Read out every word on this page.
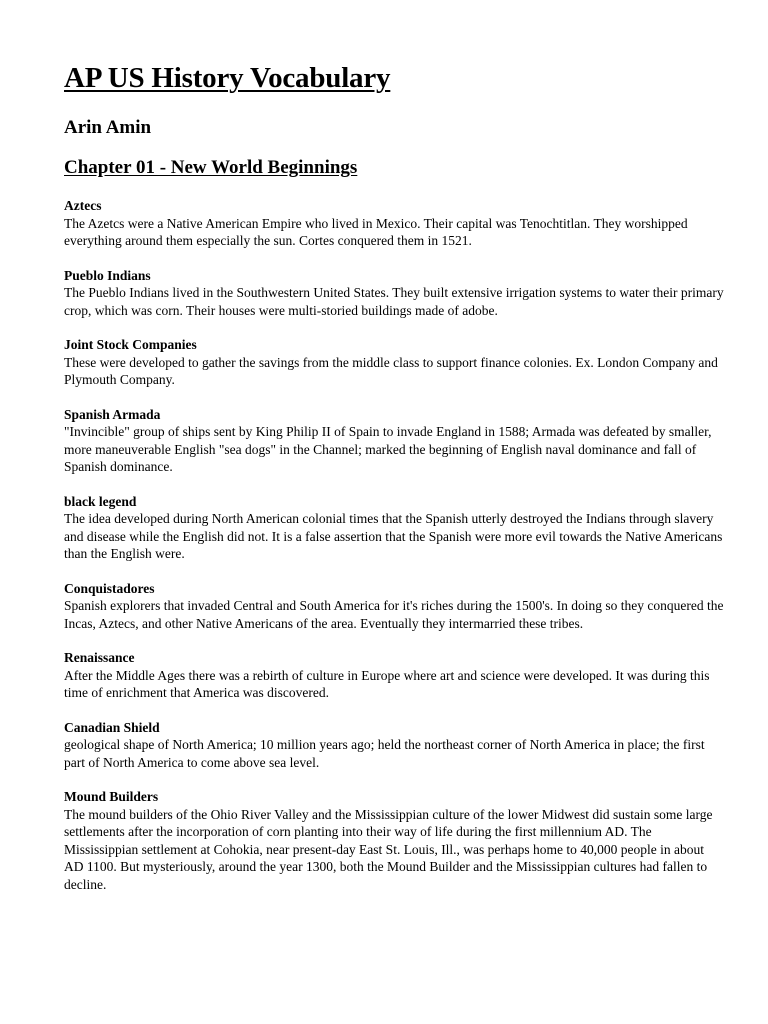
AP US History Vocabulary

Arin Amin

Chapter 01 - New World Beginnings

Aztecs

The Azetcs were a Native American Empire who lived in Mexico. Their capital was Tenochtitlan. They worshipped everything around them especially the sun. Cortes conquered them in 1521.

Pueblo Indians

The Pueblo Indians lived in the Southwestern United States. They built extensive irrigation systems to water their primary crop, which was corn. Their houses were multi-storied buildings made of adobe.

Joint Stock Companies

These were developed to gather the savings from the middle class to support finance colonies. Ex. London Company and Plymouth Company.

Spanish Armada

"Invincible" group of ships sent by King Philip II of Spain to invade England in 1588; Armada was defeated by smaller, more maneuverable English "sea dogs" in the Channel; marked the beginning of English naval dominance and fall of Spanish dominance.

black legend

The idea developed during North American colonial times that the Spanish utterly destroyed the Indians through slavery and disease while the English did not. It is a false assertion that the Spanish were more evil towards the Native Americans than the English were.

Conquistadores

Spanish explorers that invaded Central and South America for it's riches during the 1500's. In doing so they conquered the Incas, Aztecs, and other Native Americans of the area. Eventually they intermarried these tribes.

Renaissance

After the Middle Ages there was a rebirth of culture in Europe where art and science were developed. It was during this time of enrichment that America was discovered.

Canadian Shield

geological shape of North America; 10 million years ago; held the northeast corner of North America in place; the first part of North America to come above sea level.

Mound Builders

The mound builders of the Ohio River Valley and the Mississippian culture of the lower Midwest did sustain some large settlements after the incorporation of corn planting into their way of life during the first millennium AD. The Mississippian settlement at Cohokia, near present-day East St. Louis, Ill., was perhaps home to 40,000 people in about AD 1100. But mysteriously, around the year 1300, both the Mound Builder and the Mississippian cultures had fallen to decline.
